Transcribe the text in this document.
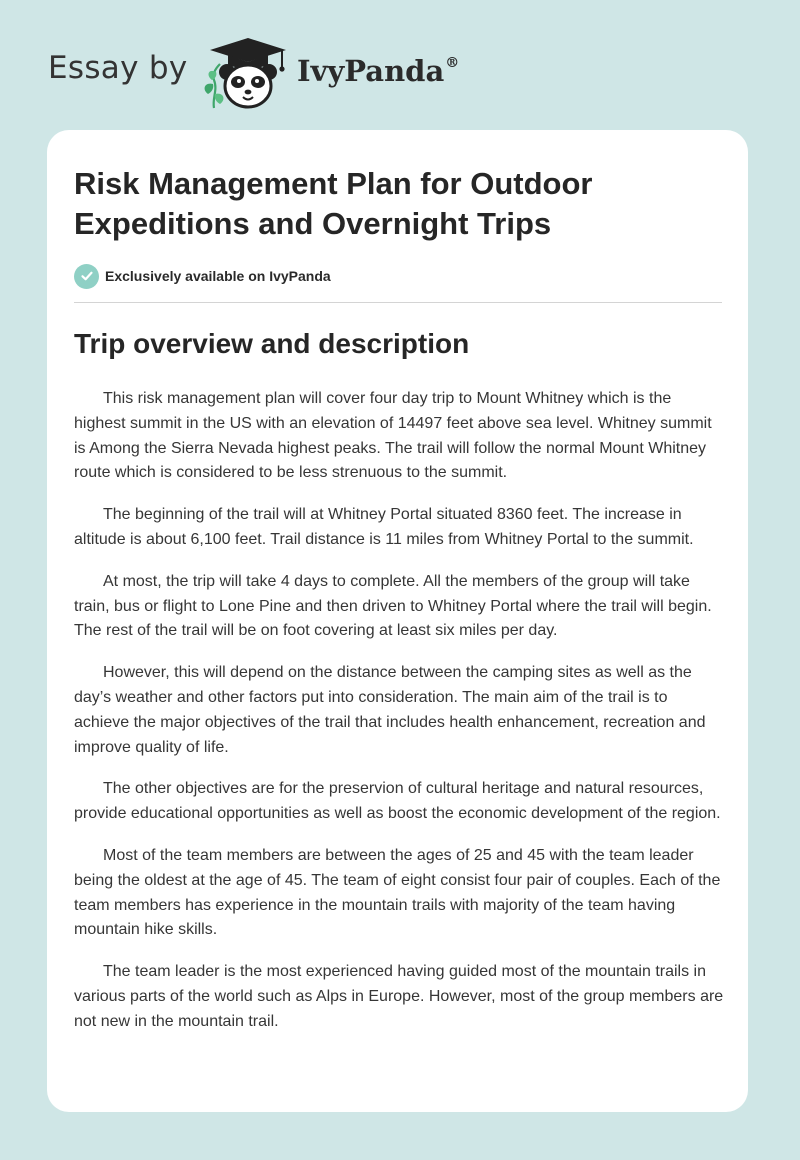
Essay by	IvyPanda®
Risk Management Plan for Outdoor Expeditions and Overnight Trips
Exclusively available on IvyPanda
Trip overview and description

This risk management plan will cover four day trip to Mount Whitney which is the highest summit in the US with an elevation of 14497 feet above sea level. Whitney summit is Among the Sierra Nevada highest peaks. The trail will follow the normal Mount Whitney route which is considered to be less strenuous to the summit.

The beginning of the trail will at Whitney Portal situated 8360 feet. The increase in altitude is about 6,100 feet. Trail distance is 11 miles from Whitney Portal to the summit.

At most, the trip will take 4 days to complete. All the members of the group will take train, bus or flight to Lone Pine and then driven to Whitney Portal where the trail will begin. The rest of the trail will be on foot covering at least six miles per day.

However, this will depend on the distance between the camping sites as well as the day’s weather and other factors put into consideration. The main aim of the trail is to achieve the major objectives of the trail that includes health enhancement, recreation and improve quality of life.

The other objectives are for the preservion of cultural heritage and natural resources, provide educational opportunities as well as boost the economic development of the region.

Most of the team members are between the ages of 25 and 45 with the team leader being the oldest at the age of 45. The team of eight consist four pair of couples. Each of the team members has experience in the mountain trails with majority of the team having mountain hike skills.

The team leader is the most experienced having guided most of the mountain trails in various parts of the world such as Alps in Europe. However, most of the group members are not new in the mountain trail.
